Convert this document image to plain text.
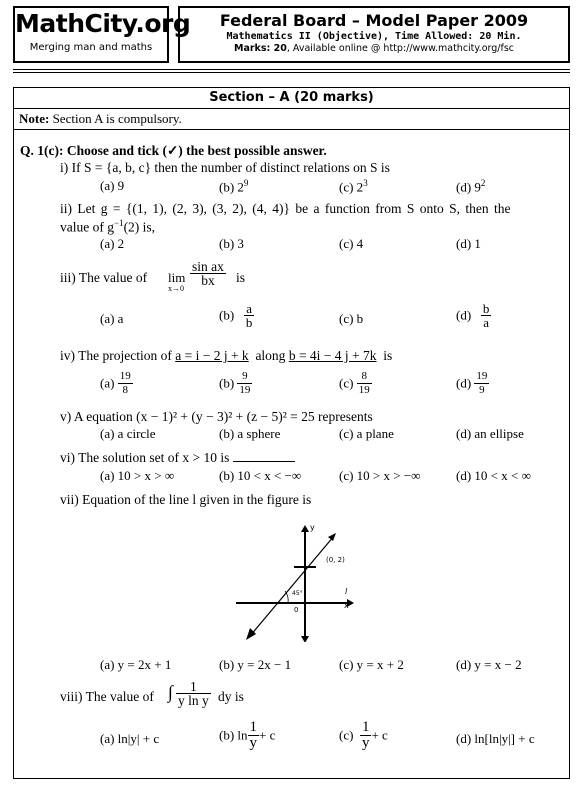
MathCity.org
Merging man and maths
Federal Board – Model Paper 2009
Mathematics II (Objective), Time Allowed: 20 Min.
Marks: 20, Available online @ http://www.mathcity.org/fsc
Section – A (20 marks)
Note: Section A is compulsory.
Q. 1(c): Choose and tick (✓) the best possible answer.
i) If S = {a, b, c} then the number of distinct relations on S is
(a) 9	(b) $2^9$	(c) $2^3$	(d) $9^2$
ii) Let g = {(1, 1), (2, 3), (3, 2), (4, 4)} be a function from S onto S, then the
value of $g^{-1}(2)$ is,
(a) 2	(b) 3	(c) 4	(d) 1
iii) The value of lim
x→0
$\frac{\text{sin ax}}{bx}$ is
(a) a	$(b) \frac{a}{b}$	(c) b	$(d) \frac{b}{a}$
iv) The projection of a = i − 2 j + k along b = 4i − 4 j + 7k is
$(a) \frac{19}{8}$	$(b) \frac{9}{19}$	$(c) \frac{8}{19}$	$(d) \frac{19}{9}$
v) A equation (x − 1)² + (y − 3)² + (z − 5)² = 25 represents
(a) a circle	(b) a sphere	(c) a plane	(d) an ellipse
vi) The solution set of x > 10 is
(a) 10 > x > ∞	(b) 10 < x < −∞	(c) 10 > x > −∞	(d) 10 < x < ∞
vii) Equation of the line l given in the figure is
y
l
(0, 2)
45°
0	x
(a) y = 2x + 1	(b) y = 2x − 1	(c) y = x + 2	(d) y = x − 2
viii) The value of ∫ $\frac{1}{\text{y ln y}}$ dy is
(a) ln|y| + c	(b) $\ln \frac{1}{y} + c$	$(c) \frac{1}{y} + c$	(d) ln[ln|y|] + c
